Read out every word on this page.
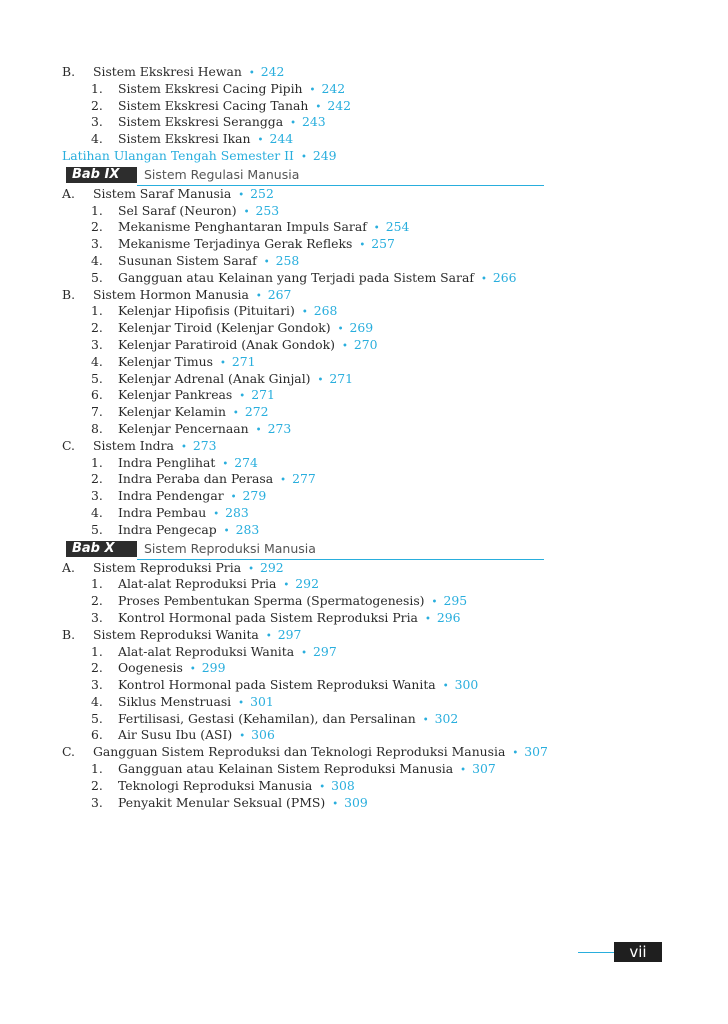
B. Sistem Ekskresi Hewan • 242
1. Sistem Ekskresi Cacing Pipih • 242
2. Sistem Ekskresi Cacing Tanah • 242
3. Sistem Ekskresi Serangga • 243
4. Sistem Ekskresi Ikan • 244
Latihan Ulangan Tengah Semester II • 249
Bab IX	Sistem Regulasi Manusia
A. Sistem Saraf Manusia • 252
1. Sel Saraf (Neuron) • 253
2. Mekanisme Penghantaran Impuls Saraf • 254
3. Mekanisme Terjadinya Gerak Refleks • 257
4. Susunan Sistem Saraf • 258
5. Gangguan atau Kelainan yang Terjadi pada Sistem Saraf • 266
B. Sistem Hormon Manusia • 267
1. Kelenjar Hipofisis (Pituitari) • 268
2. Kelenjar Tiroid (Kelenjar Gondok) • 269
3. Kelenjar Paratiroid (Anak Gondok) • 270
4. Kelenjar Timus • 271
5. Kelenjar Adrenal (Anak Ginjal) • 271
6. Kelenjar Pankreas • 271
7. Kelenjar Kelamin • 272
8. Kelenjar Pencernaan • 273
C. Sistem Indra • 273
1. Indra Penglihat • 274
2. Indra Peraba dan Perasa • 277
3. Indra Pendengar • 279
4. Indra Pembau • 283
5. Indra Pengecap • 283
Bab X	Sistem Reproduksi Manusia
A. Sistem Reproduksi Pria • 292
1. Alat-alat Reproduksi Pria • 292
2. Proses Pembentukan Sperma (Spermatogenesis) • 295
3. Kontrol Hormonal pada Sistem Reproduksi Pria • 296
B. Sistem Reproduksi Wanita • 297
1. Alat-alat Reproduksi Wanita • 297
2. Oogenesis • 299
3. Kontrol Hormonal pada Sistem Reproduksi Wanita • 300
4. Siklus Menstruasi • 301
5. Fertilisasi, Gestasi (Kehamilan), dan Persalinan • 302
6. Air Susu Ibu (ASI) • 306
C. Gangguan Sistem Reproduksi dan Teknologi Reproduksi Manusia • 307
1. Gangguan atau Kelainan Sistem Reproduksi Manusia • 307
2. Teknologi Reproduksi Manusia • 308
3. Penyakit Menular Seksual (PMS) • 309
vii
